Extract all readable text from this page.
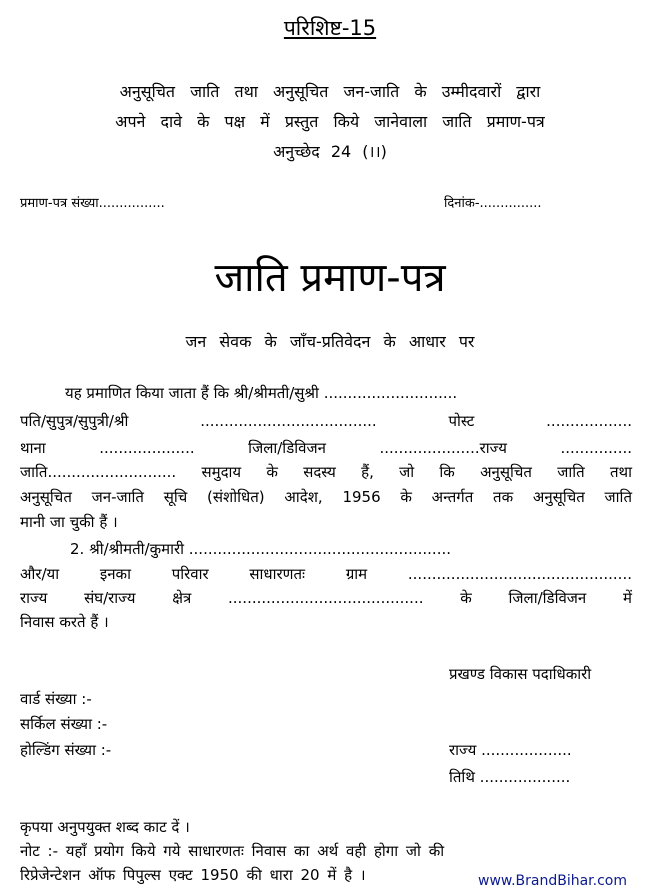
परिशिष्ट-15
अनुसूचित जाति तथा अनुसूचित जन-जाति के उम्मीदवारों द्वारा
अपने दावे के पक्ष में प्रस्तुत किये जानेवाला जाति प्रमाण-पत्र
अनुच्छेद 24 (।।)
प्रमाण-पत्र संख्या................	दिनांक-...............
जाति प्रमाण-पत्र
जन सेवक के जाँच-प्रतिवेदन के आधार पर
यह प्रमाणित किया जाता हैं कि श्री/श्रीमती/सुश्री ............................
पति/सुपुत्र/सुपुत्री/श्री ..................................... पोस्ट ..................
थाना .................... जिला/डिविजन .....................राज्य ...............
जाति........................... समुदाय के सदस्य हैं, जो कि अनुसूचित जाति तथा
अनुसूचित जन-जाति सूचि (संशोधित) आदेश, 1956 के अन्तर्गत तक अनुसूचित जाति
मानी जा चुकी हैं ।
2. श्री/श्रीमती/कुमारी .......................................................
और/या इनका परिवार साधारणतः ग्राम ...............................................
राज्य संघ/राज्य क्षेत्र ......................................... के जिला/डिविजन में
निवास करते हैं ।
प्रखण्ड विकास पदाधिकारी
वार्ड संख्या :-
सर्किल संख्या :-
होल्डिंग संख्या :-	राज्य ...................
तिथि ...................
कृपया अनुपयुक्त शब्द काट दें ।
नोट :- यहाँ प्रयोग किये गये साधारणतः निवास का अर्थ वही होगा जो की
रिप्रेजेन्टेशन ऑफ पिपुल्स एक्ट 1950 की धारा 20 में है ।	www.BrandBihar.com
